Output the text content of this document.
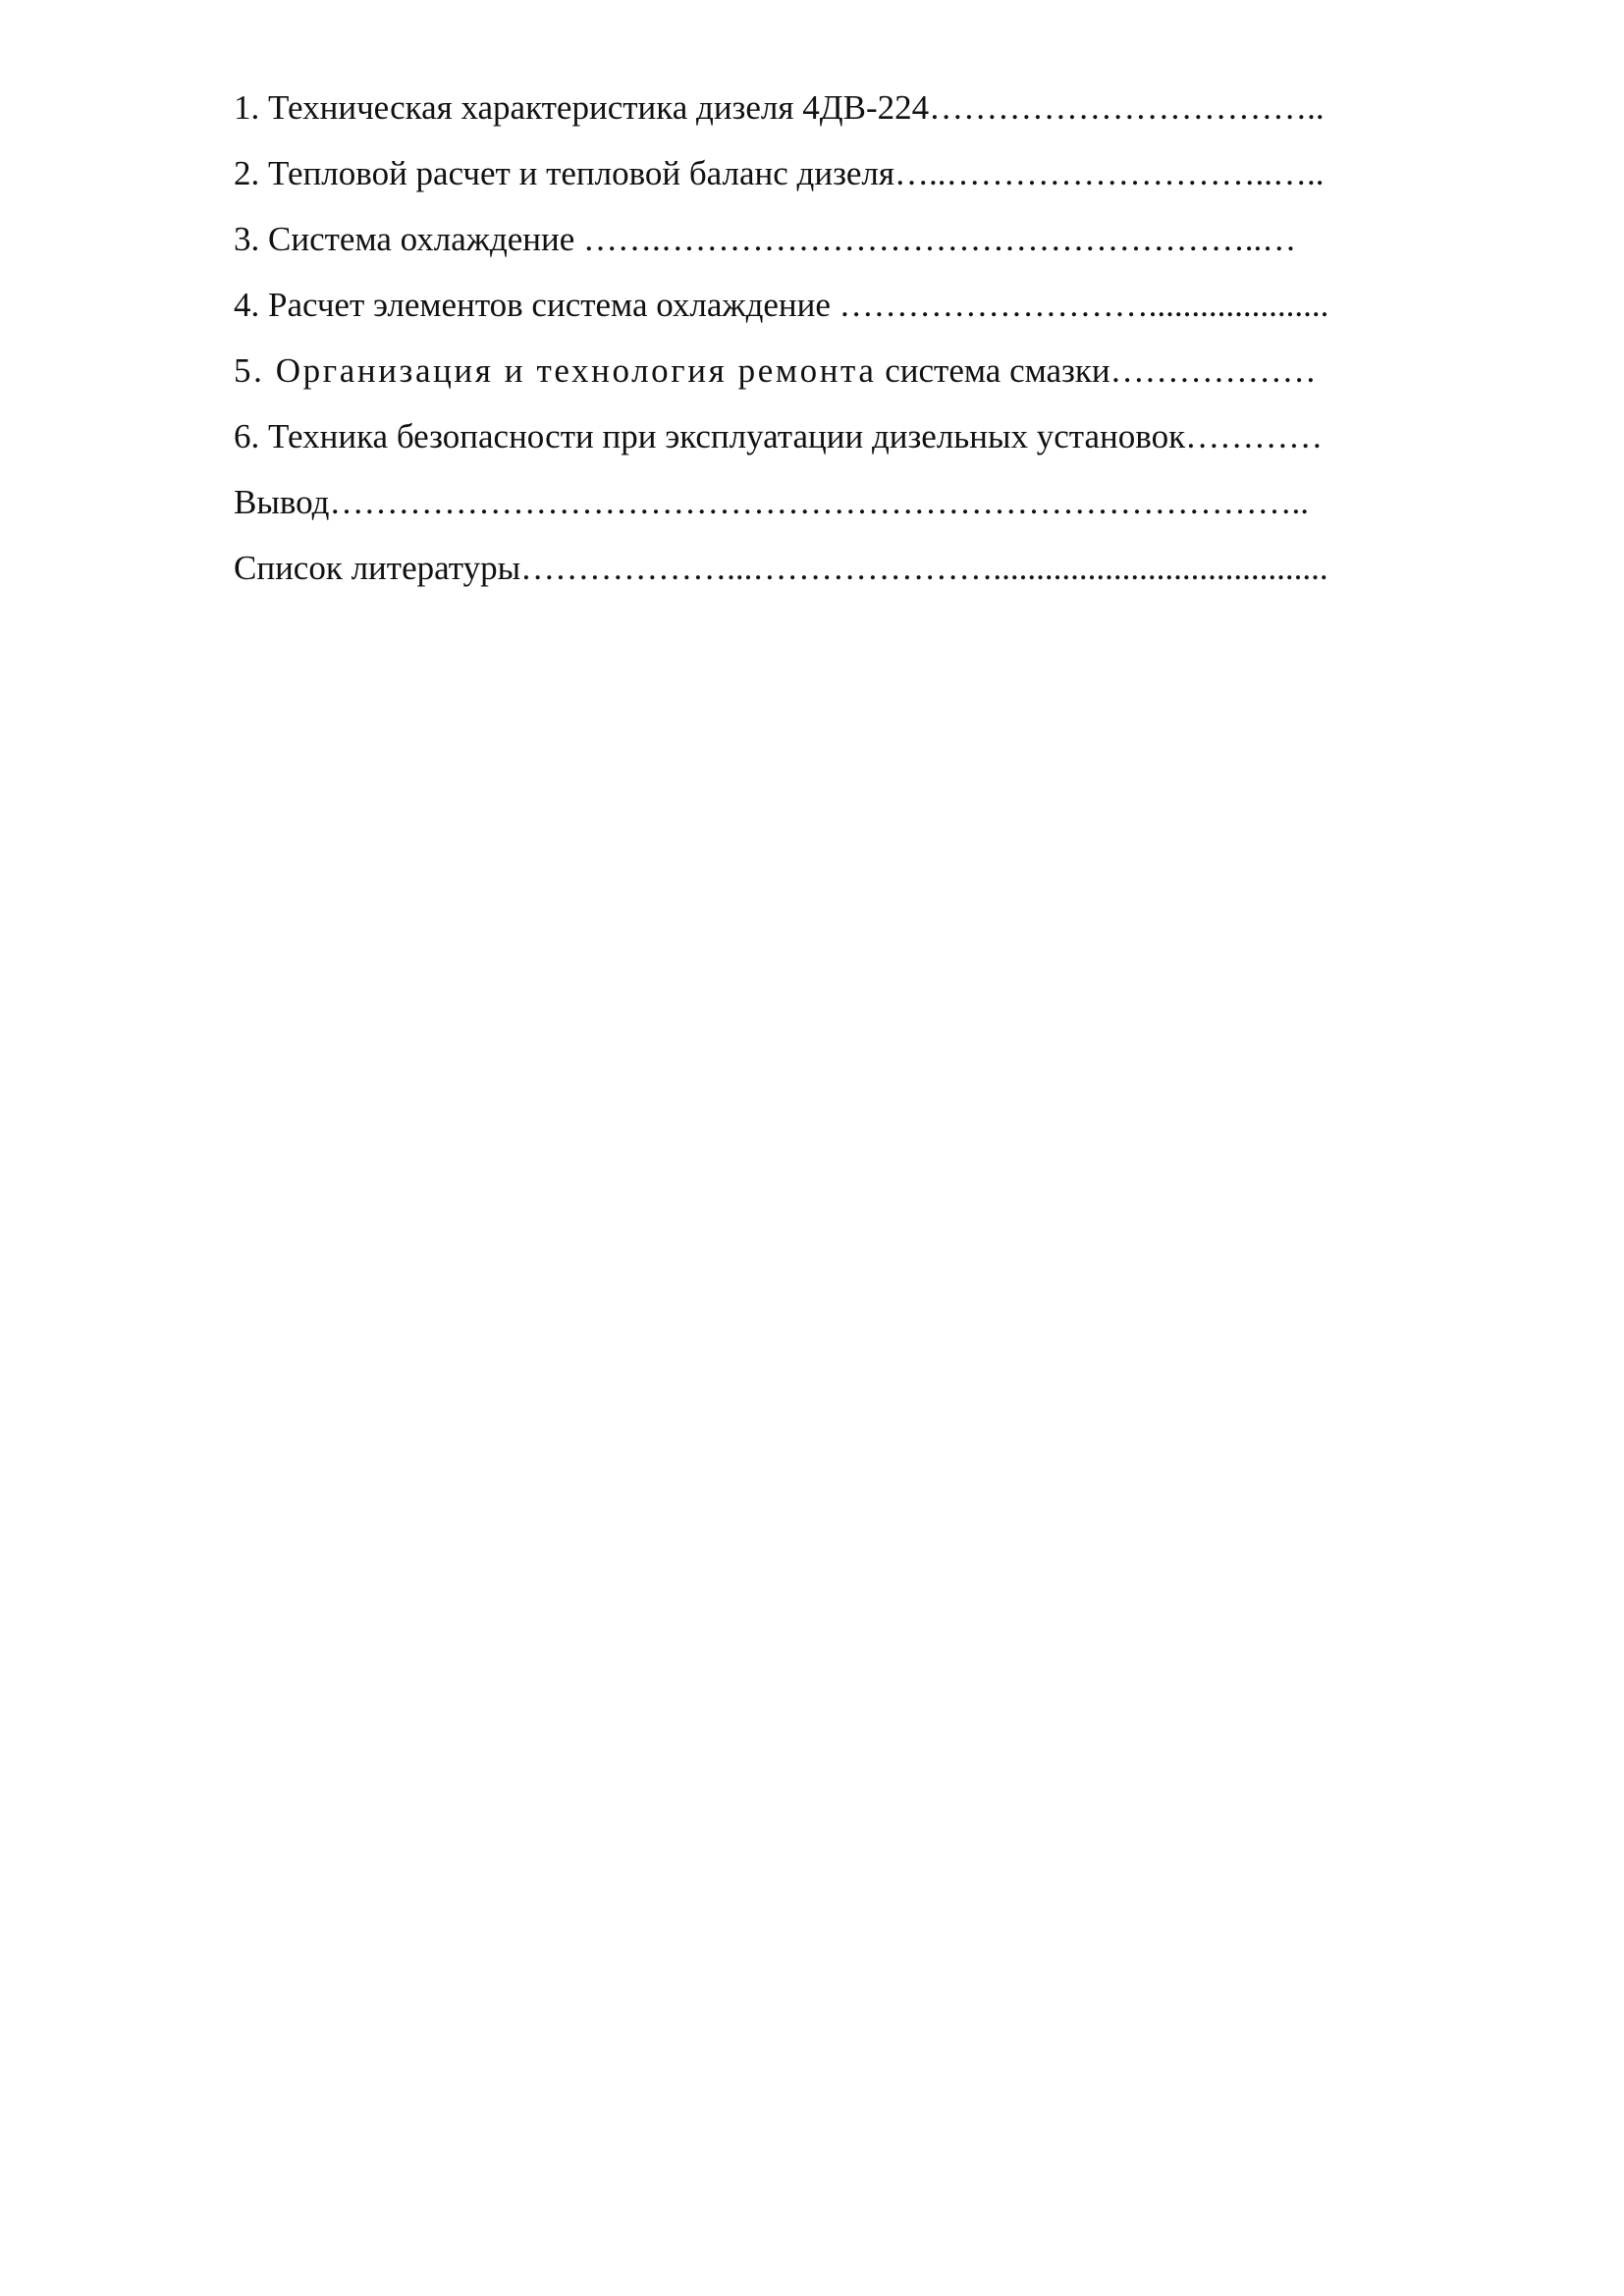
1. Техническая характеристика дизеля 4ДВ-224……………………………..
2. Тепловой расчет и тепловой баланс дизеля…..………………………..…..
3. Система охлаждение …….……………………………………………..…
4. Расчет элементов система охлаждение ……………………….....................
5. Организация и технология ремонта система смазки………………
6. Техника безопасности при эксплуатации дизельных установок…………
Вывод…………………………………………………………………………..
Список литературы………………...………………….......................................
